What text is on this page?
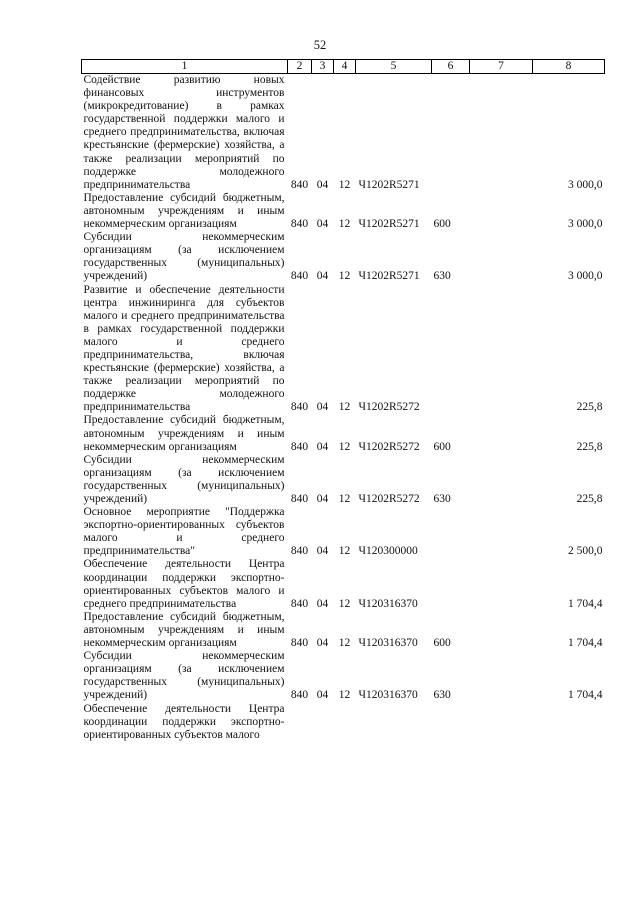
52
1	2	3	4	5	6	7	8
Содействие развитию новых финансовых инструментов (микрокредитование) в рамках государственной поддержки малого и среднего предпринимательства, включая крестьянские (фермерские) хозяйства, а также реализации мероприятий по поддержке молодежного предпринимательства	840	04	12	Ч1202R5271			3 000,0
Предоставление субсидий бюджетным, автономным учреждениям и иным некоммерческим организациям	840	04	12	Ч1202R5271	600		3 000,0
Субсидии некоммерческим организациям (за исключением государственных (муниципальных) учреждений)	840	04	12	Ч1202R5271	630		3 000,0
Развитие и обеспечение деятельности центра инжиниринга для субъектов малого и среднего предпринимательства в рамках государственной поддержки малого и среднего предпринимательства, включая крестьянские (фермерские) хозяйства, а также реализации мероприятий по поддержке молодежного предпринимательства	840	04	12	Ч1202R5272			225,8
Предоставление субсидий бюджетным, автономным учреждениям и иным некоммерческим организациям	840	04	12	Ч1202R5272	600		225,8
Субсидии некоммерческим организациям (за исключением государственных (муниципальных) учреждений)	840	04	12	Ч1202R5272	630		225,8
Основное мероприятие "Поддержка экспортно-ориентированных субъектов малого и среднего предпринимательства"	840	04	12	Ч120300000			2 500,0
Обеспечение деятельности Центра координации поддержки экспортно-ориентированных субъектов малого и среднего предпринимательства	840	04	12	Ч120316370			1 704,4
Предоставление субсидий бюджетным, автономным учреждениям и иным некоммерческим организациям	840	04	12	Ч120316370	600		1 704,4
Субсидии некоммерческим организациям (за исключением государственных (муниципальных) учреждений)	840	04	12	Ч120316370	630		1 704,4
Обеспечение деятельности Центра координации поддержки экспортно-ориентированных субъектов малого							
